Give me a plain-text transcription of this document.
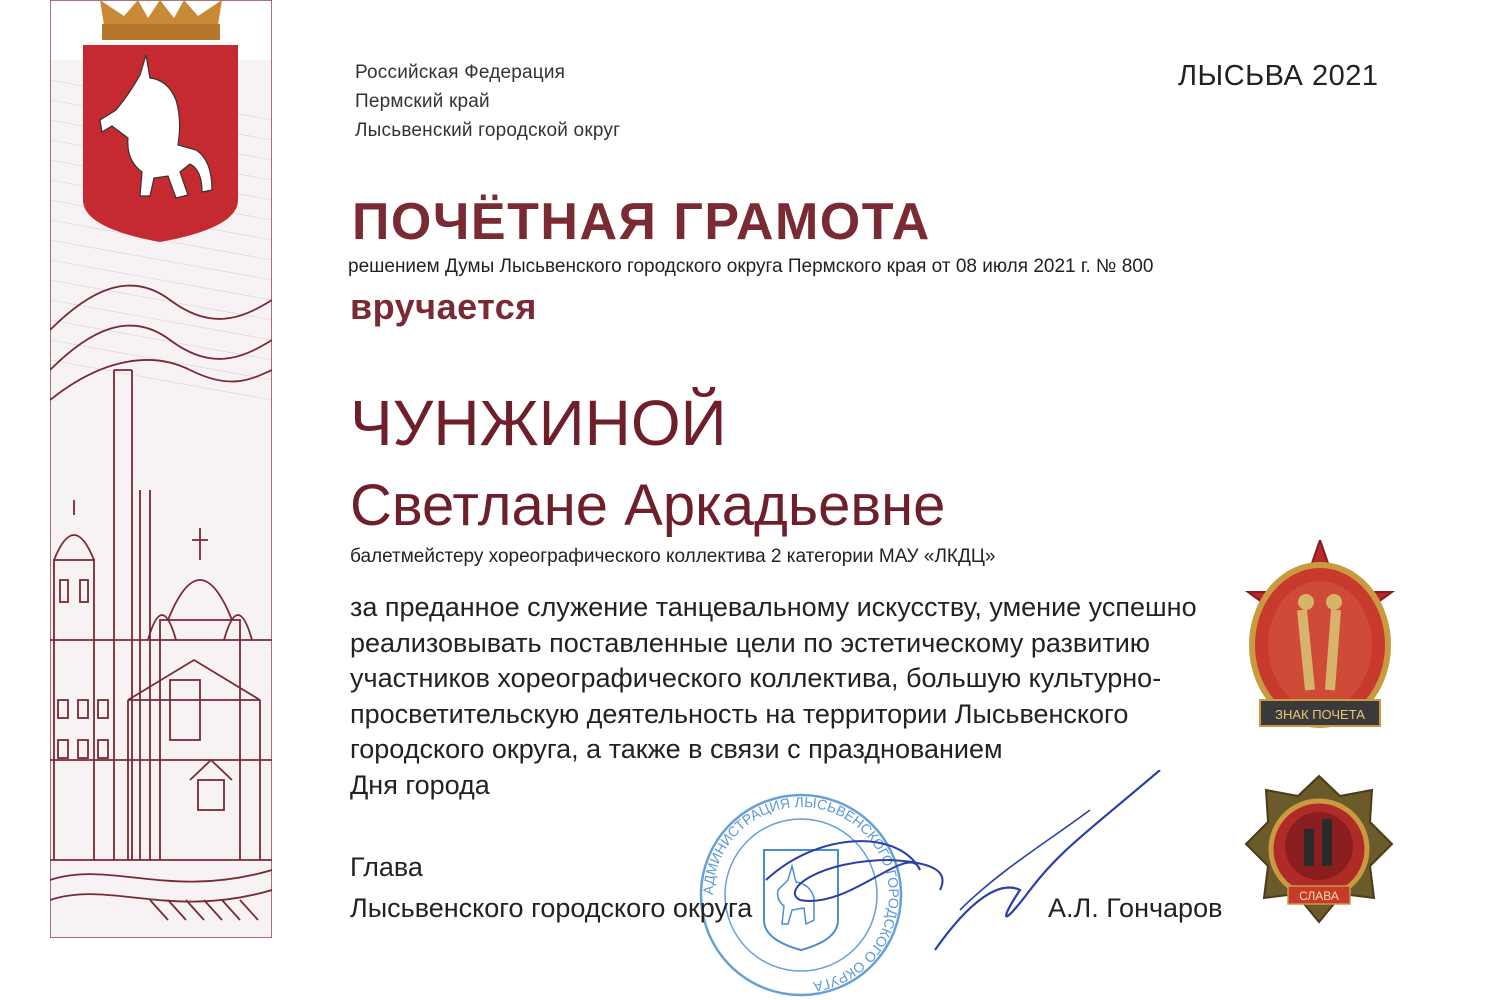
Российская Федерация
Пермский край
Лысьвенский городской округ
ЛЫСЬВА 2021
ПОЧЁТНАЯ ГРАМОТА
решением Думы Лысьвенского городского округа Пермского края от 08 июля 2021 г. № 800
вручается
ЧУНЖИНОЙ
Светлане Аркадьевне
балетмейстеру хореографического коллектива 2 категории МАУ «ЛКДЦ»
за преданное служение танцевальному искусству, умение успешно
реализовывать поставленные цели по эстетическому развитию
участников хореографического коллектива, большую культурно-
просветительскую деятельность на территории Лысьвенского
городского округа, а также в связи с празднованием
Дня города
ЗНАК ПОЧЕТА
СЛАВА
АДМИНИСТРАЦИЯ ЛЫСЬВЕНСКОГО ГОРОДСКОГО ОКРУГА
Глава
Лысьвенского городского округа	А.Л. Гончаров
